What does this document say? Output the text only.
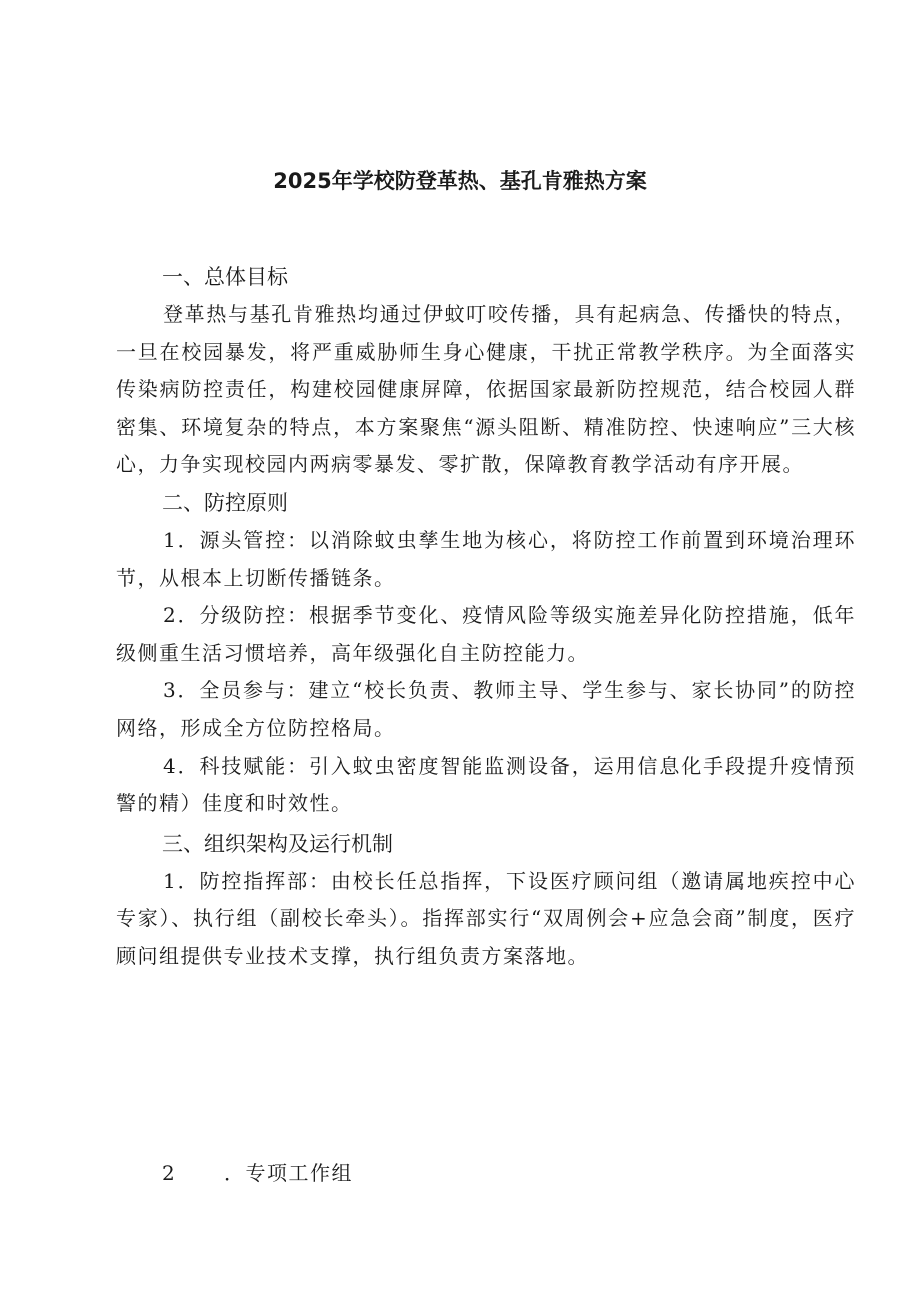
2025年学校防登革热、基孔肯雅热方案
一、总体目标

登革热与基孔肯雅热均通过伊蚊叮咬传播，具有起病急、传播快的特点，一旦在校园暴发，将严重威胁师生身心健康，干扰正常教学秩序。为全面落实传染病防控责任，构建校园健康屏障，依据国家最新防控规范，结合校园人群密集、环境复杂的特点，本方案聚焦“源头阻断、精准防控、快速响应”三大核心，力争实现校园内两病零暴发、零扩散，保障教育教学活动有序开展。

二、防控原则

1．源头管控：以消除蚊虫孳生地为核心，将防控工作前置到环境治理环节，从根本上切断传播链条。

2．分级防控：根据季节变化、疫情风险等级实施差异化防控措施，低年级侧重生活习惯培养，高年级强化自主防控能力。

3．全员参与：建立“校长负责、教师主导、学生参与、家长协同”的防控网络，形成全方位防控格局。

4．科技赋能：引入蚊虫密度智能监测设备，运用信息化手段提升疫情预警的精）佳度和时效性。

三、组织架构及运行机制

1．防控指挥部：由校长任总指挥，下设医疗顾问组（邀请属地疾控中心专家）、执行组（副校长牵头）。指挥部实行“双周例会+应急会商”制度，医疗顾问组提供专业技术支撑，执行组负责方案落地。

2 ．专项工作组
